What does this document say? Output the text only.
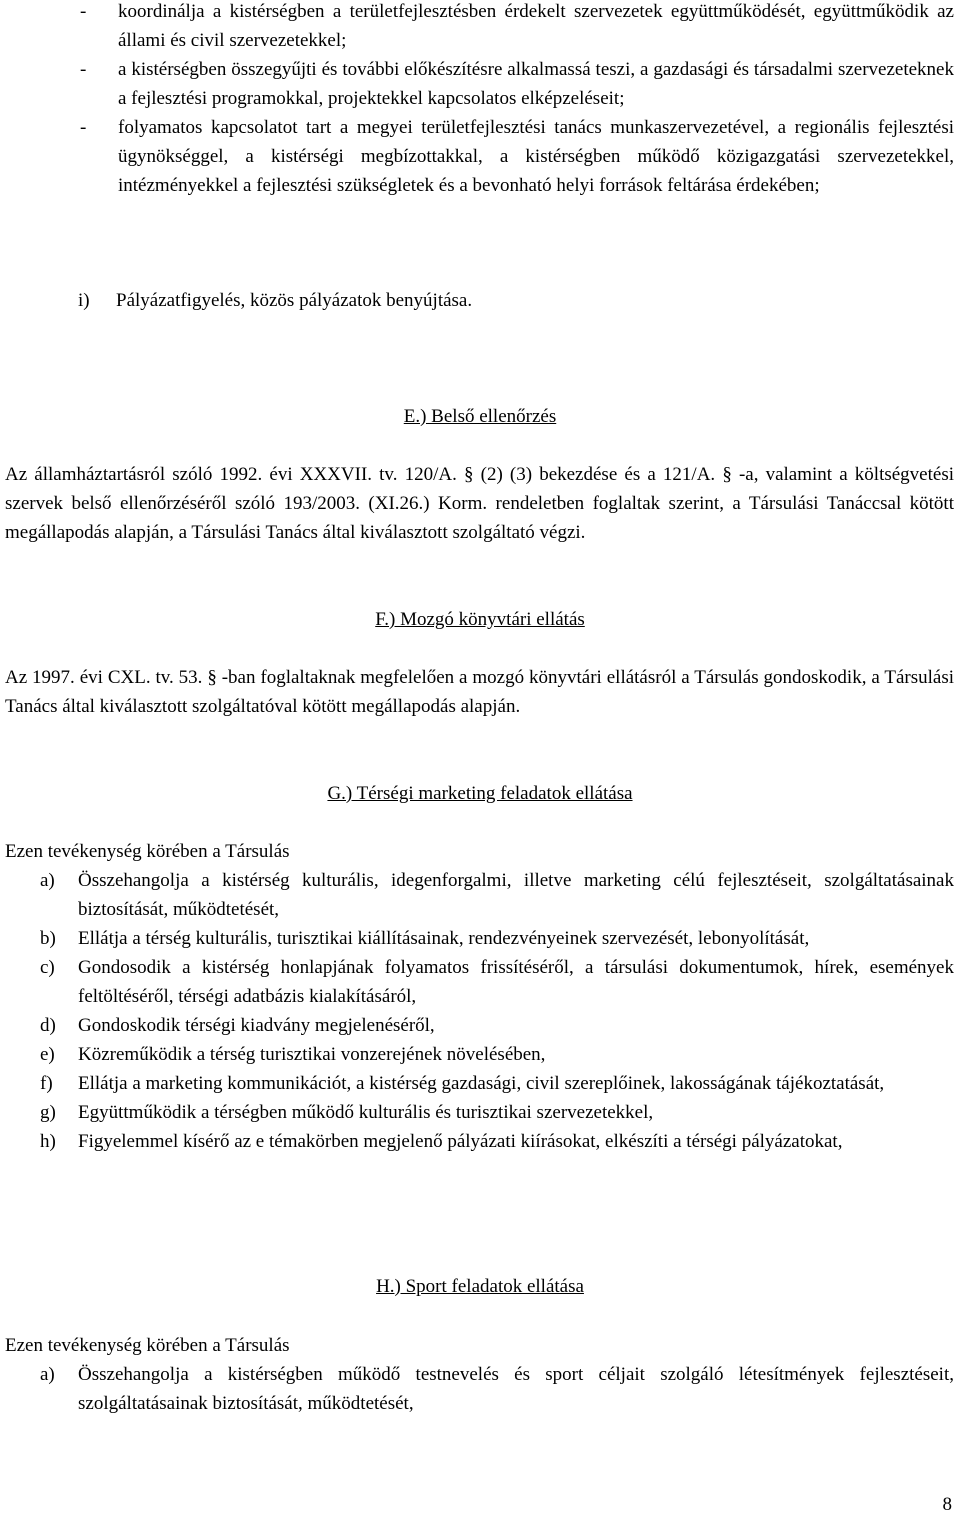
-	koordinálja a kistérségben a területfejlesztésben érdekelt szervezetek együttműködését, együttműködik az állami és civil szervezetekkel;
-	a kistérségben összegyűjti és további előkészítésre alkalmassá teszi, a gazdasági és társadalmi szervezeteknek a fejlesztési programokkal, projektekkel kapcsolatos elképzeléseit;
-	folyamatos kapcsolatot tart a megyei területfejlesztési tanács munkaszervezetével, a regionális fejlesztési ügynökséggel, a kistérségi megbízottakkal, a kistérségben működő közigazgatási szervezetekkel, intézményekkel a fejlesztési szükségletek és a bevonható helyi források feltárása érdekében;
i)	Pályázatfigyelés, közös pályázatok benyújtása.
E.) Belső ellenőrzés
Az államháztartásról szóló 1992. évi XXXVII. tv. 120/A. § (2) (3) bekezdése és a 121/A. § -a, valamint a költségvetési szervek belső ellenőrzéséről szóló 193/2003. (XI.26.) Korm. rendeletben foglaltak szerint, a Társulási Tanáccsal kötött megállapodás alapján, a Társulási Tanács által kiválasztott szolgáltató végzi.
F.) Mozgó könyvtári ellátás
Az 1997. évi CXL. tv. 53. § -ban foglaltaknak megfelelően a mozgó könyvtári ellátásról a Társulás gondoskodik, a Társulási Tanács által kiválasztott szolgáltatóval kötött megállapodás alapján.
G.) Térségi marketing feladatok ellátása
Ezen tevékenység körében a Társulás
a)	Összehangolja a kistérség kulturális, idegenforgalmi, illetve marketing célú fejlesztéseit, szolgáltatásainak biztosítását, működtetését,
b)	Ellátja a térség kulturális, turisztikai kiállításainak, rendezvényeinek szervezését, lebonyolítását,
c)	Gondosodik a kistérség honlapjának folyamatos frissítéséről, a társulási dokumentumok, hírek, események feltöltéséről, térségi adatbázis kialakításáról,
d)	Gondoskodik térségi kiadvány megjelenéséről,
e)	Közreműködik a térség turisztikai vonzerejének növelésében,
f)	Ellátja a marketing kommunikációt, a kistérség gazdasági, civil szereplőinek, lakosságának tájékoztatását,
g)	Együttműködik a térségben működő kulturális és turisztikai szervezetekkel,
h)	Figyelemmel kísérő az e témakörben megjelenő pályázati kiírásokat, elkészíti a térségi pályázatokat,
H.) Sport feladatok ellátása
Ezen tevékenység körében a Társulás
a)	Összehangolja a kistérségben működő testnevelés és sport céljait szolgáló létesítmények fejlesztéseit, szolgáltatásainak biztosítását, működtetését,
8
